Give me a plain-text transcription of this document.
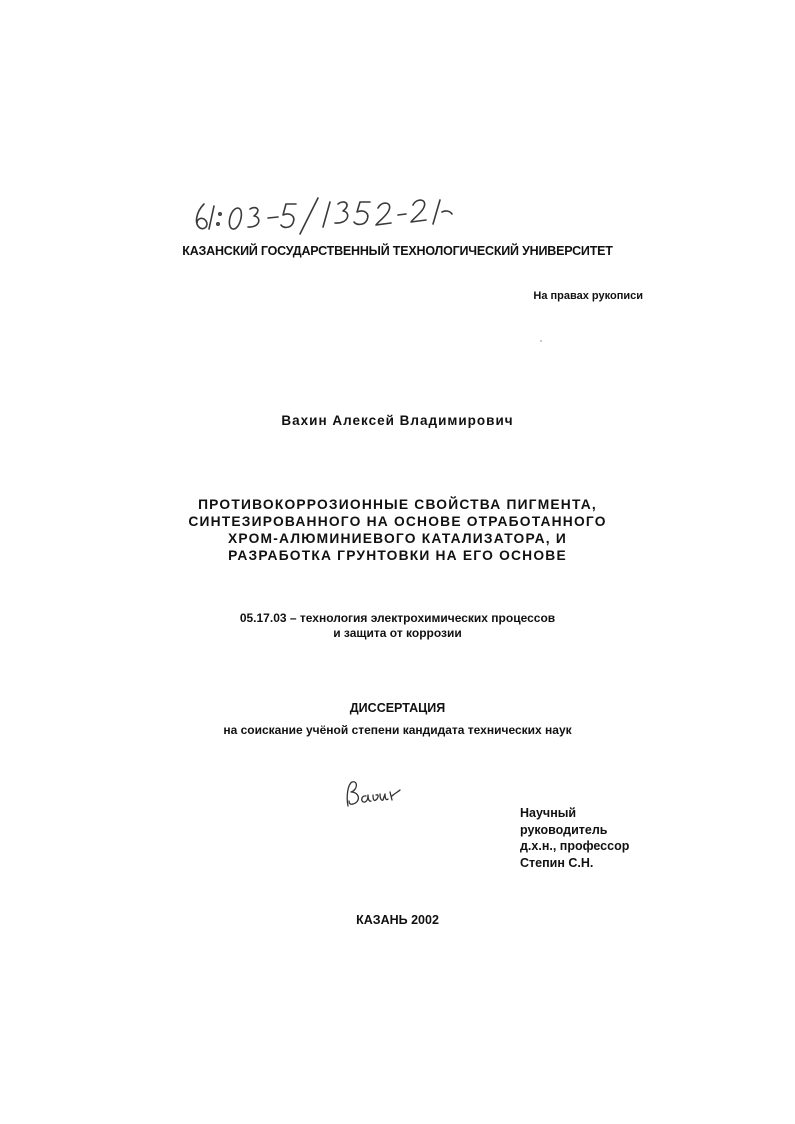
КАЗАНСКИЙ ГОСУДАРСТВЕННЫЙ ТЕХНОЛОГИЧЕСКИЙ УНИВЕРСИТЕТ
На правах рукописи
Вахин Алексей Владимирович
ПРОТИВОКОРРОЗИОННЫЕ СВОЙСТВА ПИГМЕНТА,
СИНТЕЗИРОВАННОГО НА ОСНОВЕ ОТРАБОТАННОГО
ХРОМ-АЛЮМИНИЕВОГО КАТАЛИЗАТОРА, И
РАЗРАБОТКА ГРУНТОВКИ НА ЕГО ОСНОВЕ
05.17.03 – технология электрохимических процессов
и защита от коррозии
ДИССЕРТАЦИЯ
на соискание учёной степени кандидата технических наук
Научный
руководитель
д.х.н., профессор
Степин С.Н.
КАЗАНЬ 2002
